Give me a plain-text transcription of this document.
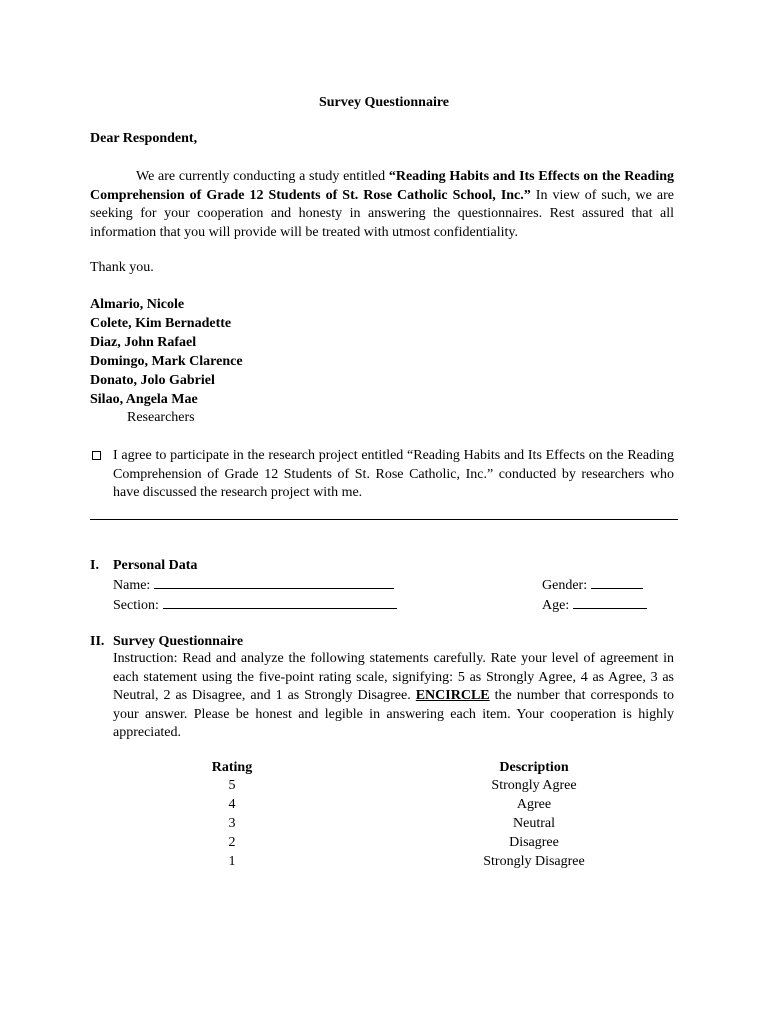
Survey Questionnaire
Dear Respondent,
We are currently conducting a study entitled “Reading Habits and Its Effects on the Reading Comprehension of Grade 12 Students of St. Rose Catholic School, Inc.” In view of such, we are seeking for your cooperation and honesty in answering the questionnaires. Rest assured that all information that you will provide will be treated with utmost confidentiality.
Thank you.
Almario, Nicole
Colete, Kim Bernadette
Diaz, John Rafael
Domingo, Mark Clarence
Donato, Jolo Gabriel
Silao, Angela Mae
Researchers
I agree to participate in the research project entitled “Reading Habits and Its Effects on the Reading Comprehension of Grade 12 Students of St. Rose Catholic, Inc.” conducted by researchers who have discussed the research project with me.
I. Personal Data
Name:	Gender:
Section:	Age:
II. Survey Questionnaire
Instruction: Read and analyze the following statements carefully. Rate your level of agreement in each statement using the five-point rating scale, signifying: 5 as Strongly Agree, 4 as Agree, 3 as Neutral, 2 as Disagree, and 1 as Strongly Disagree. ENCIRCLE the number that corresponds to your answer. Please be honest and legible in answering each item. Your cooperation is highly appreciated.
Rating	Description
5	Strongly Agree
4	Agree
3	Neutral
2	Disagree
1	Strongly Disagree
